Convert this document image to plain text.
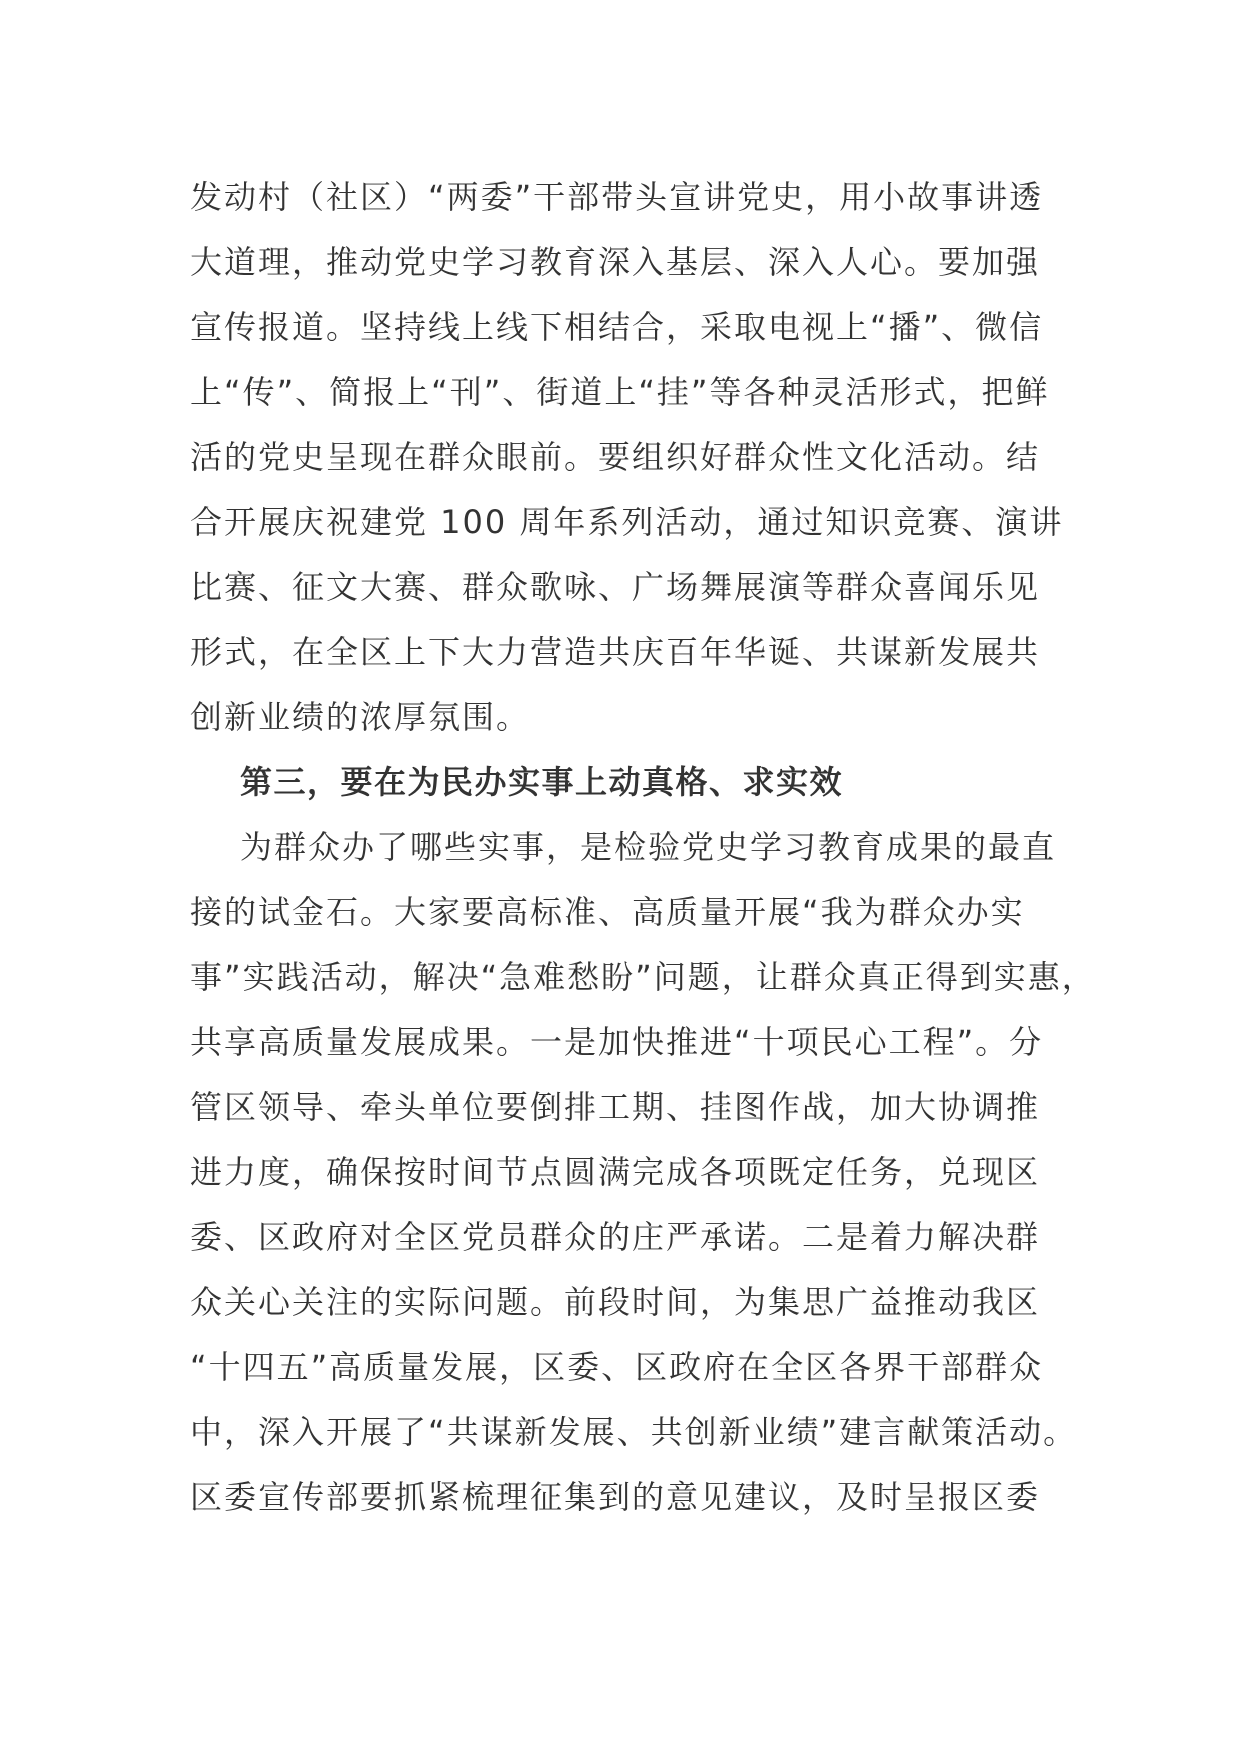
发动村（社区）“两委”干部带头宣讲党史，用小故事讲透
大道理，推动党史学习教育深入基层、深入人心。要加强
宣传报道。坚持线上线下相结合，采取电视上“播”、微信
上“传”、简报上“刊”、街道上“挂”等各种灵活形式，把鲜
活的党史呈现在群众眼前。要组织好群众性文化活动。结
合开展庆祝建党 100 周年系列活动，通过知识竞赛、演讲
比赛、征文大赛、群众歌咏、广场舞展演等群众喜闻乐见
形式，在全区上下大力营造共庆百年华诞、共谋新发展共
创新业绩的浓厚氛围。
第三，要在为民办实事上动真格、求实效
为群众办了哪些实事，是检验党史学习教育成果的最直
接的试金石。大家要高标准、高质量开展“我为群众办实
事”实践活动，解决“急难愁盼”问题，让群众真正得到实惠，
共享高质量发展成果。一是加快推进“十项民心工程”。分
管区领导、牵头单位要倒排工期、挂图作战，加大协调推
进力度，确保按时间节点圆满完成各项既定任务，兑现区
委、区政府对全区党员群众的庄严承诺。二是着力解决群
众关心关注的实际问题。前段时间，为集思广益推动我区
“十四五”高质量发展，区委、区政府在全区各界干部群众
中，深入开展了“共谋新发展、共创新业绩”建言献策活动。
区委宣传部要抓紧梳理征集到的意见建议，及时呈报区委
